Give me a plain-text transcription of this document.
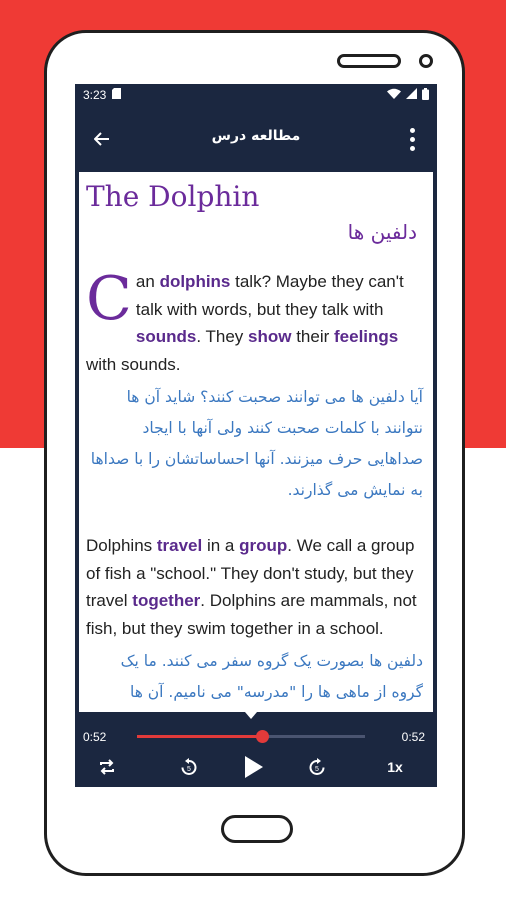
3:23
مطالعه درس
The Dolphin
دلفین ها
Can dolphins talk? Maybe they can't talk with words, but they talk with sounds. They show their feelings with sounds.
آیا دلفین ها می توانند صحبت کنند؟ شاید آن ها نتوانند با کلمات صحبت کنند ولی آنها با ایجاد صداهایی حرف میزنند. آنها احساساتشان را با صداها به نمایش می گذارند.
Dolphins travel in a group. We call a group of fish a "school." They don't study, but they travel together. Dolphins are mammals, not fish, but they swim together in a school.
دلفین ها بصورت یک گروه سفر می کنند. ما یک گروه از ماهی ها را "مدرسه" می نامیم. آن ها
0:52	0:52
5	5	1x
